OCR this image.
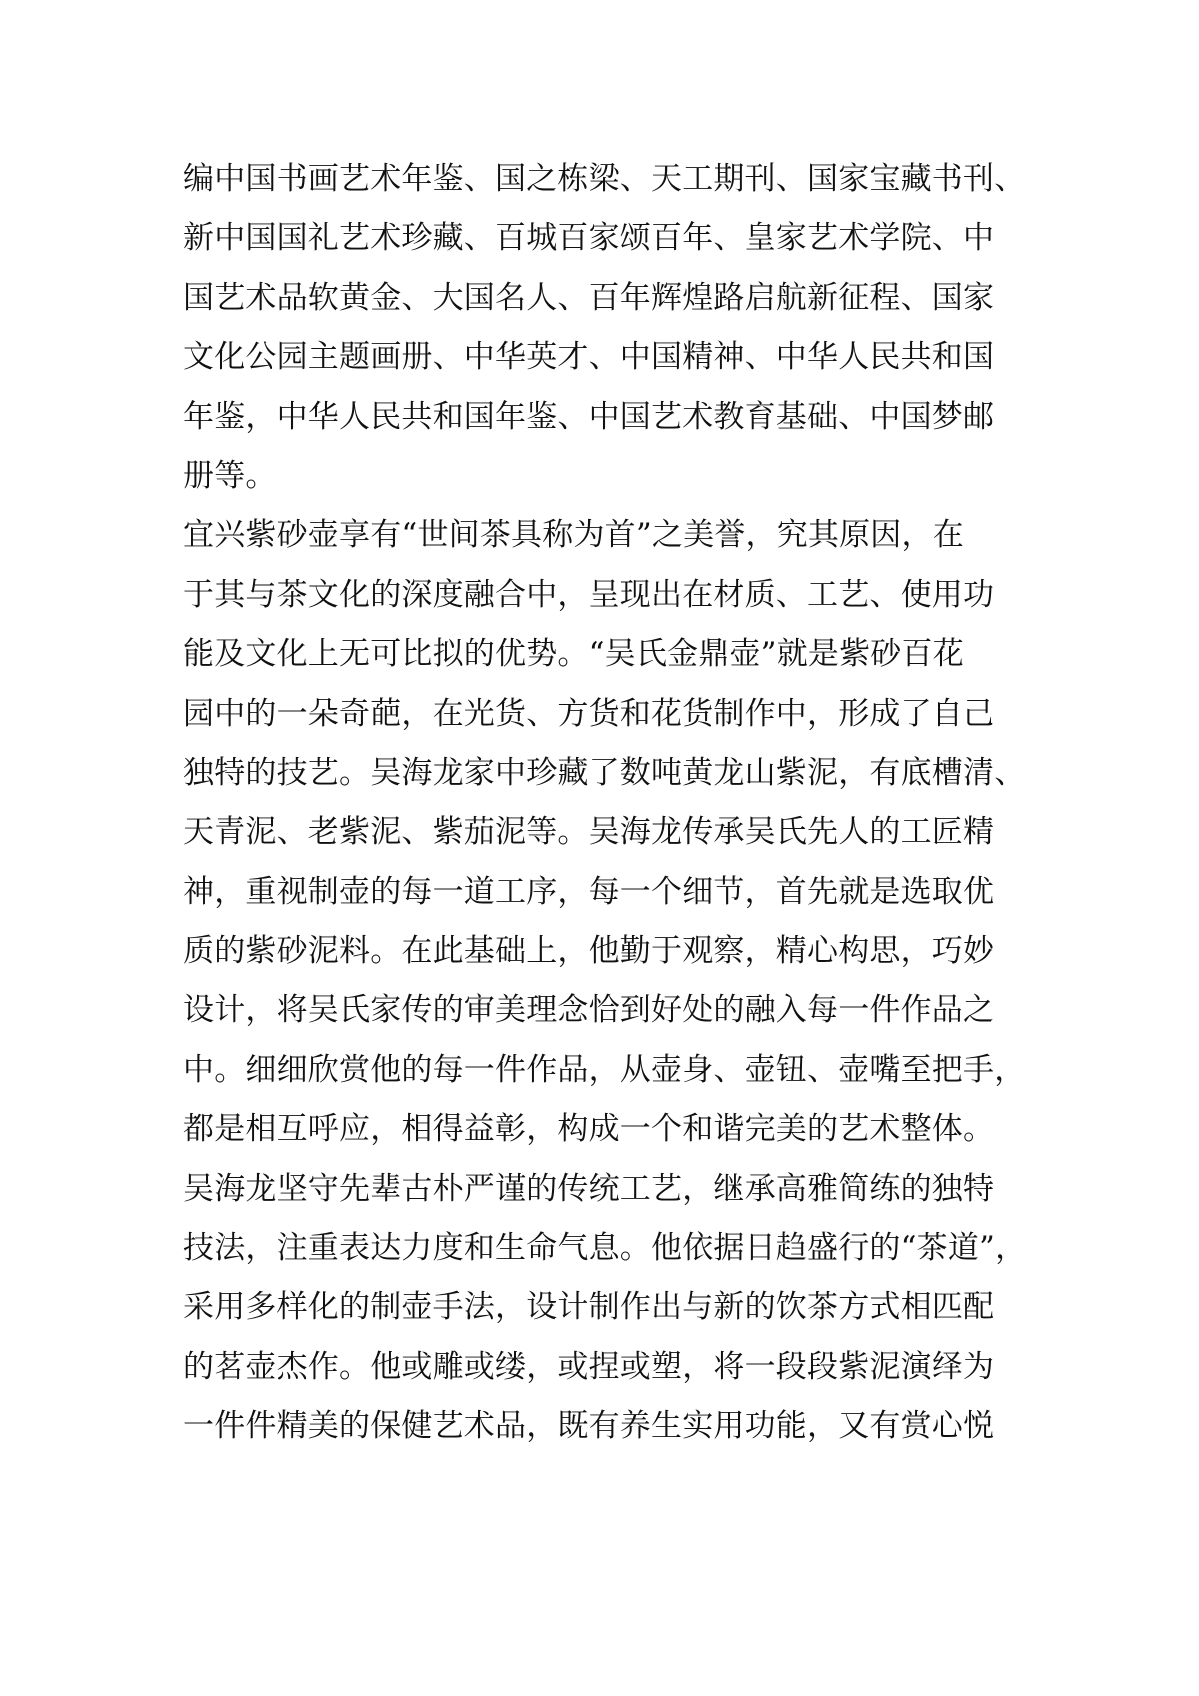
编中国书画艺术年鉴、国之栋梁、天工期刊、国家宝藏书刊、
新中国国礼艺术珍藏、百城百家颂百年、皇家艺术学院、中
国艺术品软黄金、大国名人、百年辉煌路启航新征程、国家
文化公园主题画册、中华英才、中国精神、中华人民共和国
年鉴，中华人民共和国年鉴、中国艺术教育基础、中国梦邮
册等。
宜兴紫砂壶享有“世间茶具称为首”之美誉，究其原因，在
于其与茶文化的深度融合中，呈现出在材质、工艺、使用功
能及文化上无可比拟的优势。“吴氏金鼎壶”就是紫砂百花
园中的一朵奇葩，在光货、方货和花货制作中，形成了自己
独特的技艺。吴海龙家中珍藏了数吨黄龙山紫泥，有底槽清、
天青泥、老紫泥、紫茄泥等。吴海龙传承吴氏先人的工匠精
神，重视制壶的每一道工序，每一个细节，首先就是选取优
质的紫砂泥料。在此基础上，他勤于观察，精心构思，巧妙
设计，将吴氏家传的审美理念恰到好处的融入每一件作品之
中。细细欣赏他的每一件作品，从壶身、壶钮、壶嘴至把手，
都是相互呼应，相得益彰，构成一个和谐完美的艺术整体。
吴海龙坚守先辈古朴严谨的传统工艺，继承高雅简练的独特
技法，注重表达力度和生命气息。他依据日趋盛行的“茶道”，
采用多样化的制壶手法，设计制作出与新的饮茶方式相匹配
的茗壶杰作。他或雕或缕，或捏或塑，将一段段紫泥演绎为
一件件精美的保健艺术品，既有养生实用功能，又有赏心悦
